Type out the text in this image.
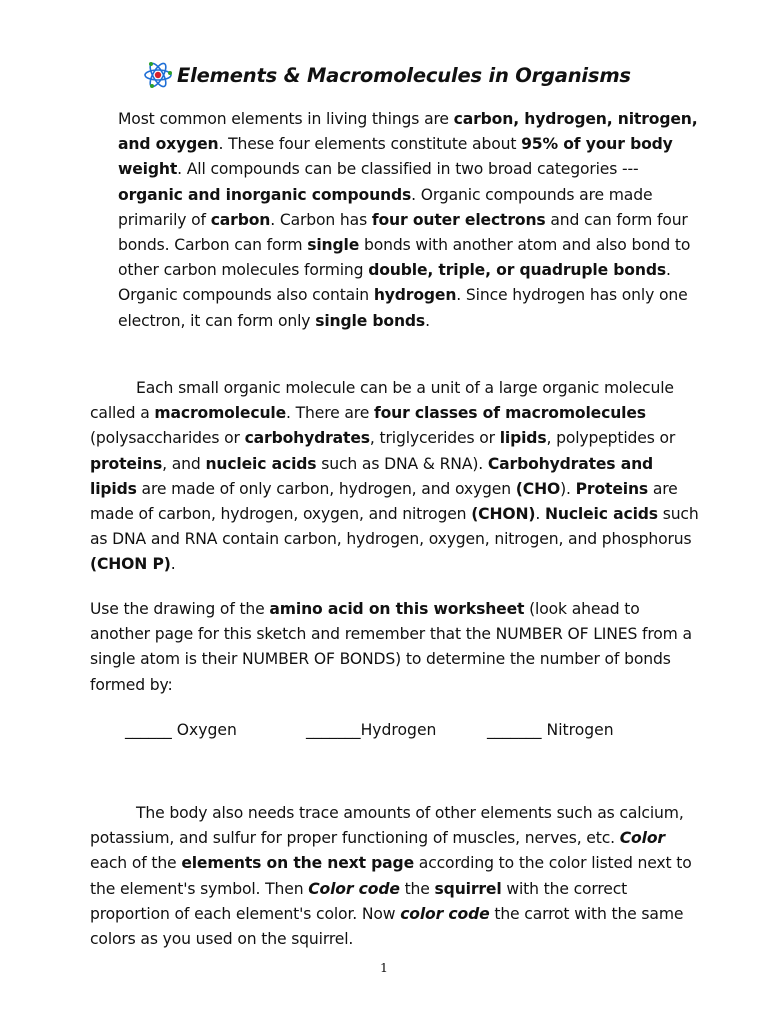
Elements & Macromolecules in Organisms
Most common elements in living things are carbon, hydrogen, nitrogen, and oxygen. These four elements constitute about 95% of your body weight. All compounds can be classified in two broad categories --- organic and inorganic compounds. Organic compounds are made primarily of carbon. Carbon has four outer electrons and can form four bonds. Carbon can form single bonds with another atom and also bond to other carbon molecules forming double, triple, or quadruple bonds. Organic compounds also contain hydrogen. Since hydrogen has only one electron, it can form only single bonds.
Each small organic molecule can be a unit of a large organic molecule called a macromolecule. There are four classes of macromolecules (polysaccharides or carbohydrates, triglycerides or lipids, polypeptides or proteins, and nucleic acids such as DNA & RNA). Carbohydrates and lipids are made of only carbon, hydrogen, and oxygen (CHO). Proteins are made of carbon, hydrogen, oxygen, and nitrogen (CHON). Nucleic acids such as DNA and RNA contain carbon, hydrogen, oxygen, nitrogen, and phosphorus (CHON P).
Use the drawing of the amino acid on this worksheet (look ahead to another page for this sketch and remember that the NUMBER OF LINES from a single atom is their NUMBER OF BONDS) to determine the number of bonds formed by:
______ Oxygen	_______Hydrogen	_______ Nitrogen
The body also needs trace amounts of other elements such as calcium, potassium, and sulfur for proper functioning of muscles, nerves, etc. Color each of the elements on the next page according to the color listed next to the element's symbol. Then Color code the squirrel with the correct proportion of each element's color. Now color code the carrot with the same colors as you used on the squirrel.
1
